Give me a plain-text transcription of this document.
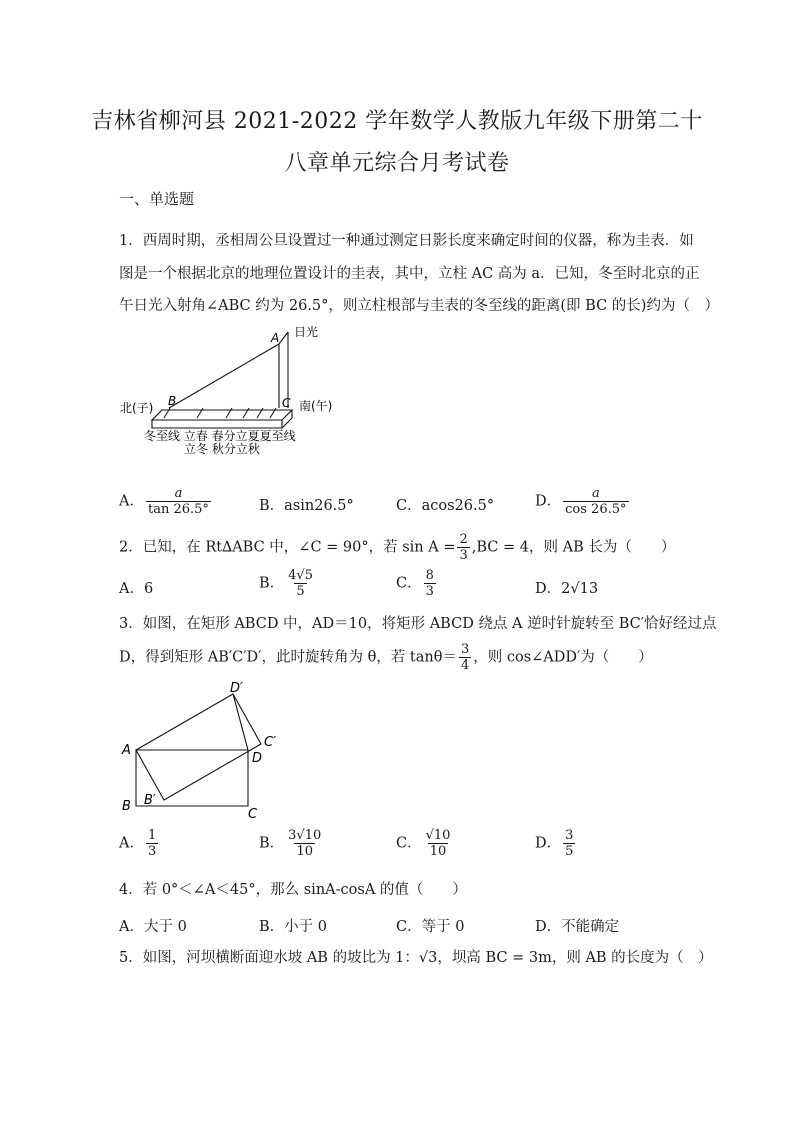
吉林省柳河县 2021-2022 学年数学人教版九年级下册第二十
八章单元综合月考试卷
一、单选题
1．西周时期，丞相周公旦设置过一种通过测定日影长度来确定时间的仪器，称为圭表．如
图是一个根据北京的地理位置设计的圭表，其中，立柱 AC 高为 a．已知，冬至时北京的正
午日光入射角∠ABC 约为 26.5°，则立柱根部与圭表的冬至线的距离(即 BC 的长)约为（　）
A 日光
B	C
北(子)	南(午)
冬至线 立春 春分立夏夏至线
立冬 秋分立秋
A． $\frac{a}{\tan 26.5^\circ}$	B．asin26.5°	C．acos26.5°	D． $\frac{a}{\cos 26.5^\circ}$
2．已知，在 Rt∆ABC 中，∠C = 90°，若 $\sin A = \frac{2}{3} ,BC = 4$，则 AB 长为（　　）
A．6	B． $\frac{4√5}{5}$	C． $\frac{8}{3}$	D．2√13
3．如图，在矩形 ABCD 中，AD＝10，将矩形 ABCD 绕点 A 逆时针旋转至 BC′恰好经过点
D，得到矩形 AB′C′D′，此时旋转角为 θ，若 $\tan\theta= \frac{3}{4}$ ，则 cos∠ADD′为（　　）
A
B
C
D
B′
C′
D′
A． $\frac{1}{3}$	B． $\frac{3√10}{10}$	C． $\frac{√10}{10}$	D． $\frac{3}{5}$
4．若 0°＜∠A＜45°，那么 sinA-cosA 的值（　　）
A．大于 0	B．小于 0	C．等于 0	D．不能确定
5．如图，河坝横断面迎水坡 AB 的坡比为 1：√3，坝高 BC = 3m，则 AB 的长度为（　）
